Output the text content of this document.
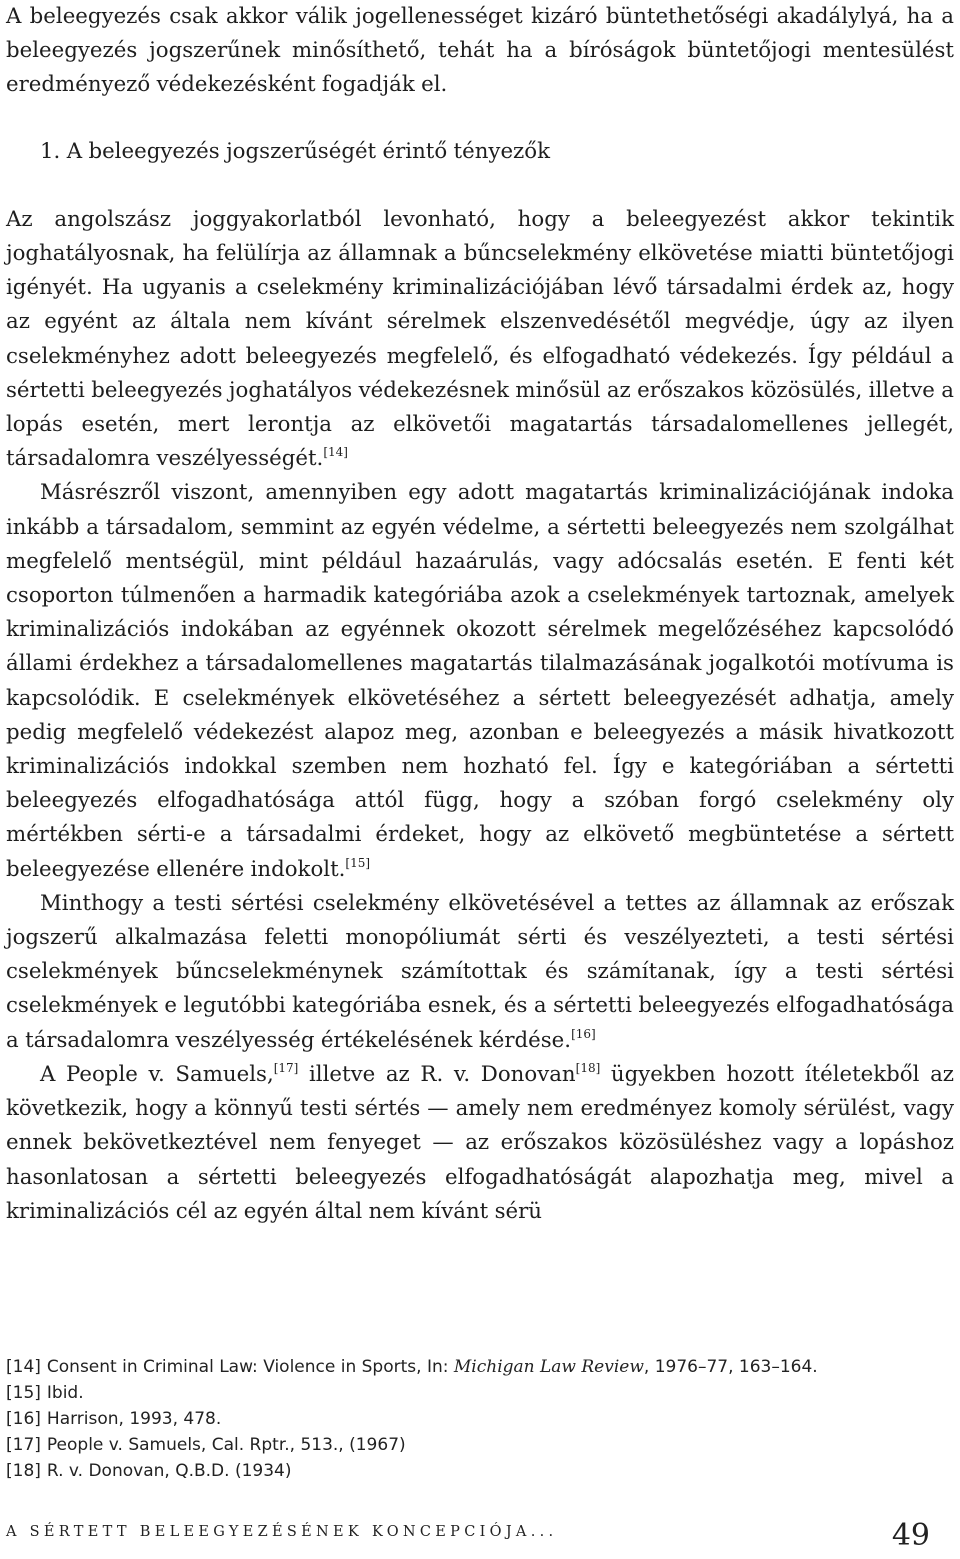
A beleegyezés csak akkor válik jogellenességet kizáró büntethetőségi akadálylyá, ha a beleegyezés jogszerűnek minősíthető, tehát ha a bíróságok büntetőjogi mentesülést eredményező védekezésként fogadják el.

1. A beleegyezés jogszerűségét érintő tényezők

Az angolszász joggyakorlatból levonható, hogy a beleegyezést akkor tekintik joghatályosnak, ha felülírja az államnak a bűncselekmény elkövetése miatti büntetőjogi igényét. Ha ugyanis a cselekmény kriminalizációjában lévő társadalmi érdek az, hogy az egyént az általa nem kívánt sérelmek elszenvedésétől megvédje, úgy az ilyen cselekményhez adott beleegyezés megfelelő, és elfogadható védekezés. Így például a sértetti beleegyezés joghatályos védekezésnek minősül az erőszakos közösülés, illetve a lopás esetén, mert lerontja az elkövetői magatartás társadalomellenes jellegét, társadalomra veszélyességét.[14]

Másrészről viszont, amennyiben egy adott magatartás kriminalizációjának indoka inkább a társadalom, semmint az egyén védelme, a sértetti beleegyezés nem szolgálhat megfelelő mentségül, mint például hazaárulás, vagy adócsalás esetén. E fenti két csoporton túlmenően a harmadik kategóriába azok a cselekmények tartoznak, amelyek kriminalizációs indokában az egyénnek okozott sérelmek megelőzéséhez kapcsolódó állami érdekhez a társadalomellenes magatartás tilalmazásának jogalkotói motívuma is kapcsolódik. E cselekmények elkövetéséhez a sértett beleegyezését adhatja, amely pedig megfelelő védekezést alapoz meg, azonban e beleegyezés a másik hivatkozott kriminalizációs indokkal szemben nem hozható fel. Így e kategóriában a sértetti beleegyezés elfogadhatósága attól függ, hogy a szóban forgó cselekmény oly mértékben sérti-e a társadalmi érdeket, hogy az elkövető megbüntetése a sértett beleegyezése ellenére indokolt.[15]

Minthogy a testi sértési cselekmény elkövetésével a tettes az államnak az erőszak jogszerű alkalmazása feletti monopóliumát sérti és veszélyezteti, a testi sértési cselekmények bűncselekménynek számítottak és számítanak, így a testi sértési cselekmények e legutóbbi kategóriába esnek, és a sértetti beleegyezés elfogadhatósága a társadalomra veszélyesség értékelésének kérdése.[16]

A People v. Samuels,[17] illetve az R. v. Donovan[18] ügyekben hozott ítéletekből az következik, hogy a könnyű testi sértés — amely nem eredményez komoly sérülést, vagy ennek bekövetkeztével nem fenyeget — az erőszakos közösüléshez vagy a lopáshoz hasonlatosan a sértetti beleegyezés elfogadhatóságát alapozhatja meg, mivel a kriminalizációs cél az egyén által nem kívánt sérü

[14] Consent in Criminal Law: Violence in Sports, In: Michigan Law Review, 1976–77, 163–164.
[15] Ibid.
[16] Harrison, 1993, 478.
[17] People v. Samuels, Cal. Rptr., 513., (1967)
[18] R. v. Donovan, Q.B.D. (1934)
A SÉRTETT BELEEGYEZÉSÉNEK KONCEPCIÓJA...	49
